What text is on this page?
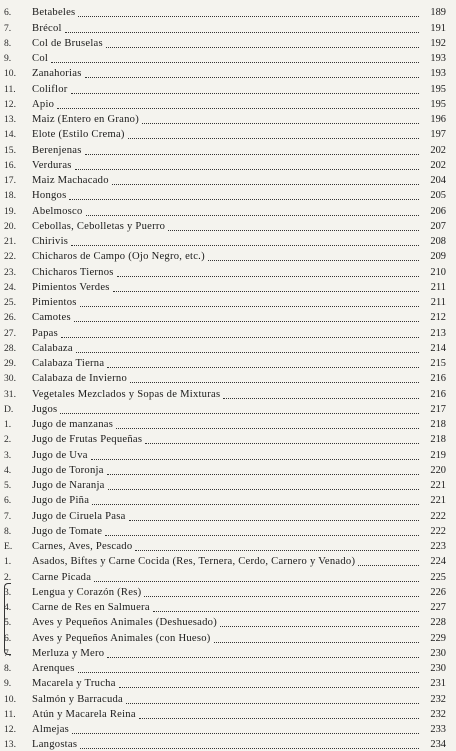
6.	Betabeles	189
7.	Brécol	191
8.	Col de Bruselas	192
9.	Col	193
10.	Zanahorias	193
11.	Coliflor	195
12.	Apio	195
13.	Maiz (Entero en Grano)	196
14.	Elote (Estilo Crema)	197
15.	Berenjenas	202
16.	Verduras	202
17.	Maiz Machacado	204
18.	Hongos	205
19.	Abelmosco	206
20.	Cebollas, Cebolletas y Puerro	207
21.	Chirivis	208
22.	Chicharos de Campo (Ojo Negro, etc.)	209
23.	Chicharos Tiernos	210
24.	Pimientos Verdes	211
25.	Pimientos	211
26.	Camotes	212
27.	Papas	213
28.	Calabaza	214
29.	Calabaza Tierna	215
30.	Calabaza de Invierno	216
31.	Vegetales Mezclados y Sopas de Mixturas	216
D.	Jugos	217
1.	Jugo de manzanas	218
2.	Jugo de Frutas Pequeñas	218
3.	Jugo de Uva	219
4.	Jugo de Toronja	220
5.	Jugo de Naranja	221
6.	Jugo de Piña	221
7.	Jugo de Ciruela Pasa	222
8.	Jugo de Tomate	222
E.	Carnes, Aves, Pescado	223
1.	Asados, Biftes y Carne Cocida (Res, Ternera, Cerdo, Carnero y Venado)	224
2.	Carne Picada	225
3.	Lengua y Corazón (Res)	226
4.	Carne de Res en Salmuera	227
5.	Aves y Pequeños Animales (Deshuesado)	228
6.	Aves y Pequeños Animales (con Hueso)	229
7.	Merluza y Mero	230
8.	Arenques	230
9.	Macarela y Trucha	231
10.	Salmón y Barracuda	232
11.	Atún y Macarela Reina	232
12.	Almejas	233
13.	Langostas	234
